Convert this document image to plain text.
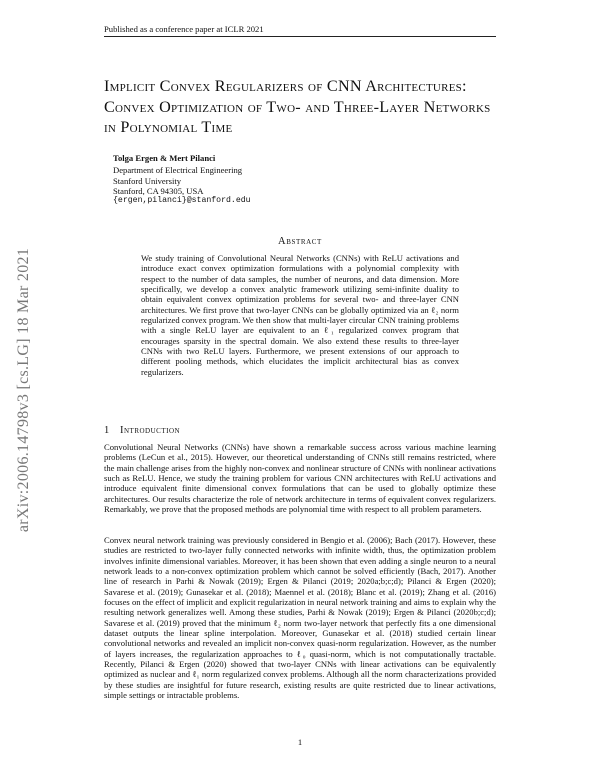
Published as a conference paper at ICLR 2021
arXiv:2006.14798v3 [cs.LG] 18 Mar 2021
Implicit Convex Regularizers of CNN Architectures: Convex Optimization of Two- and Three-Layer Networks in Polynomial Time
Tolga Ergen & Mert Pilanci
Department of Electrical Engineering
Stanford University
Stanford, CA 94305, USA
{ergen,pilanci}@stanford.edu
Abstract

We study training of Convolutional Neural Networks (CNNs) with ReLU activations and introduce exact convex optimization formulations with a polynomial complexity with respect to the number of data samples, the number of neurons, and data dimension. More specifically, we develop a convex analytic framework utilizing semi-infinite duality to obtain equivalent convex optimization problems for several two- and three-layer CNN architectures. We first prove that two-layer CNNs can be globally optimized via an ℓ₂ norm regularized convex program. We then show that multi-layer circular CNN training problems with a single ReLU layer are equivalent to an ℓ₁ regularized convex program that encourages sparsity in the spectral domain. We also extend these results to three-layer CNNs with two ReLU layers. Furthermore, we present extensions of our approach to different pooling methods, which elucidates the implicit architectural bias as convex regularizers.

1 Introduction

Convolutional Neural Networks (CNNs) have shown a remarkable success across various machine learning problems (LeCun et al., 2015). However, our theoretical understanding of CNNs still remains restricted, where the main challenge arises from the highly non-convex and nonlinear structure of CNNs with nonlinear activations such as ReLU. Hence, we study the training problem for various CNN architectures with ReLU activations and introduce equivalent finite dimensional convex formulations that can be used to globally optimize these architectures. Our results characterize the role of network architecture in terms of equivalent convex regularizers. Remarkably, we prove that the proposed methods are polynomial time with respect to all problem parameters.

Convex neural network training was previously considered in Bengio et al. (2006); Bach (2017). However, these studies are restricted to two-layer fully connected networks with infinite width, thus, the optimization problem involves infinite dimensional variables. Moreover, it has been shown that even adding a single neuron to a neural network leads to a non-convex optimization problem which cannot be solved efficiently (Bach, 2017). Another line of research in Parhi & Nowak (2019); Ergen & Pilanci (2019; 2020a;b;c;d); Pilanci & Ergen (2020); Savarese et al. (2019); Gunasekar et al. (2018); Maennel et al. (2018); Blanc et al. (2019); Zhang et al. (2016) focuses on the effect of implicit and explicit regularization in neural network training and aims to explain why the resulting network generalizes well. Among these studies, Parhi & Nowak (2019); Ergen & Pilanci (2020b;c;d); Savarese et al. (2019) proved that the minimum ℓ₂ norm two-layer network that perfectly fits a one dimensional dataset outputs the linear spline interpolation. Moreover, Gunasekar et al. (2018) studied certain linear convolutional networks and revealed an implicit non-convex quasi-norm regularization. However, as the number of layers increases, the regularization approaches to ℓ₀ quasi-norm, which is not computationally tractable. Recently, Pilanci & Ergen (2020) showed that two-layer CNNs with linear activations can be equivalently optimized as nuclear and ℓ₁ norm regularized convex problems. Although all the norm characterizations provided by these studies are insightful for future research, existing results are quite restricted due to linear activations, simple settings or intractable problems.

1
